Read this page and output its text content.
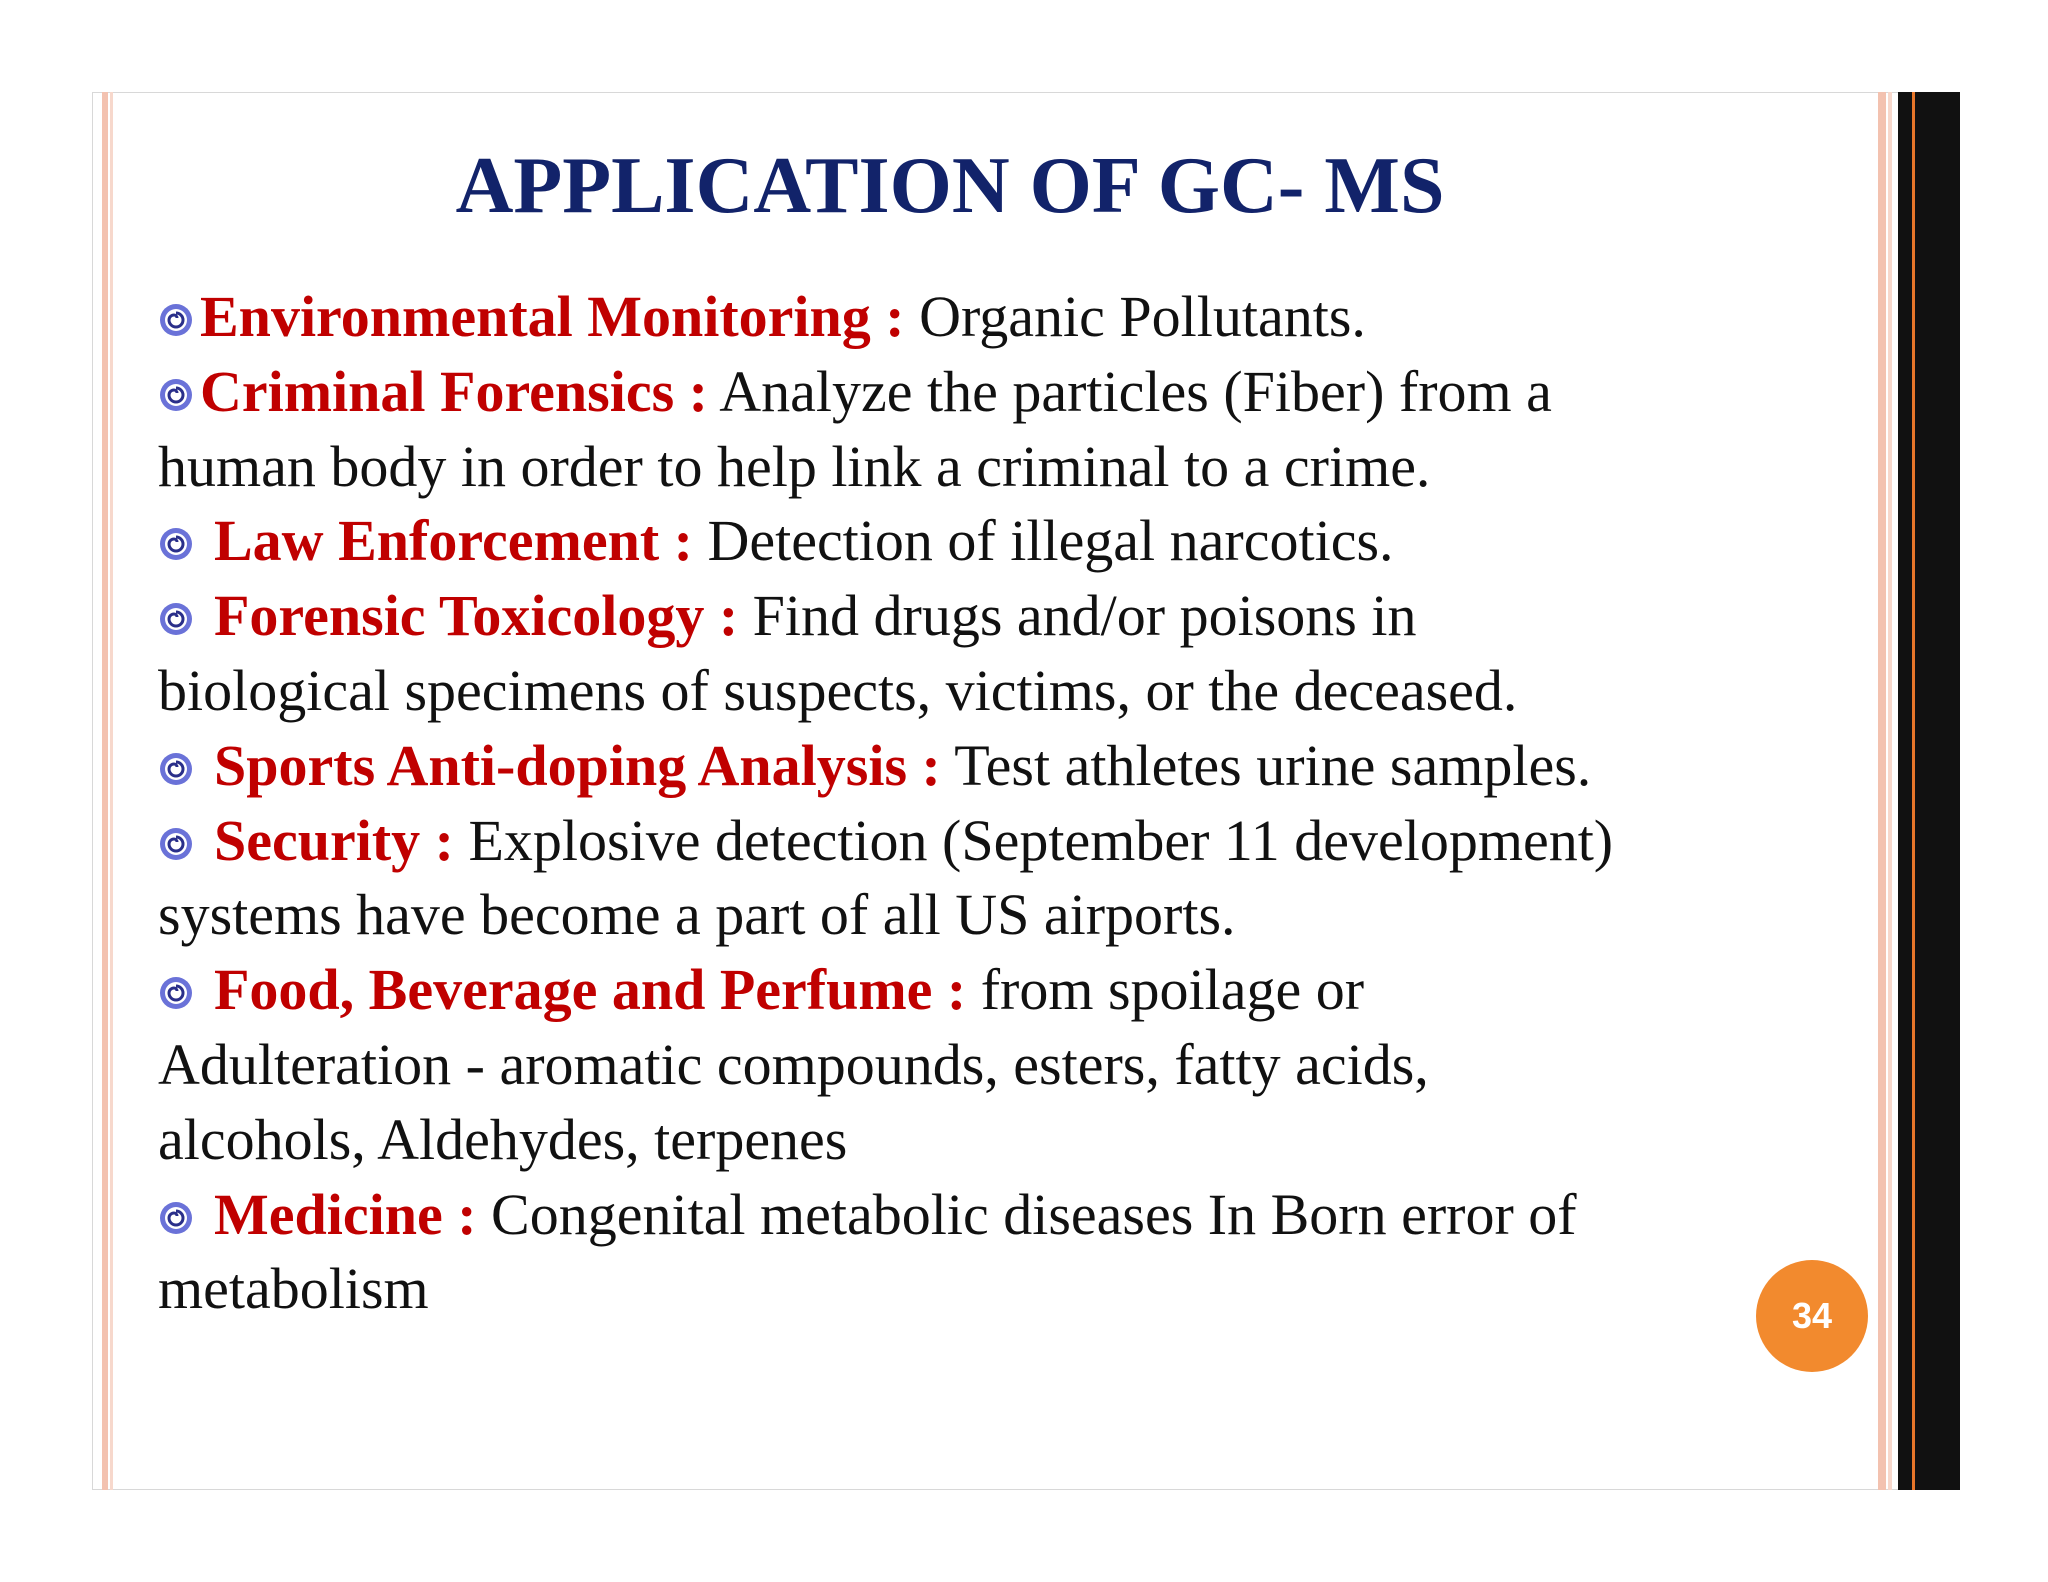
APPLICATION OF GC- MS
Environmental Monitoring : Organic Pollutants.
Criminal Forensics : Analyze the particles (Fiber) from a
human body in order to help link a criminal to a crime.
Law Enforcement : Detection of illegal narcotics.
Forensic Toxicology : Find drugs and/or poisons in
biological specimens of suspects, victims, or the deceased.
Sports Anti-doping Analysis : Test athletes urine samples.
Security : Explosive detection (September 11 development)
systems have become a part of all US airports.
Food, Beverage and Perfume : from spoilage or
Adulteration - aromatic compounds, esters, fatty acids,
alcohols, Aldehydes, terpenes
Medicine : Congenital metabolic diseases In Born error of
metabolism	34
